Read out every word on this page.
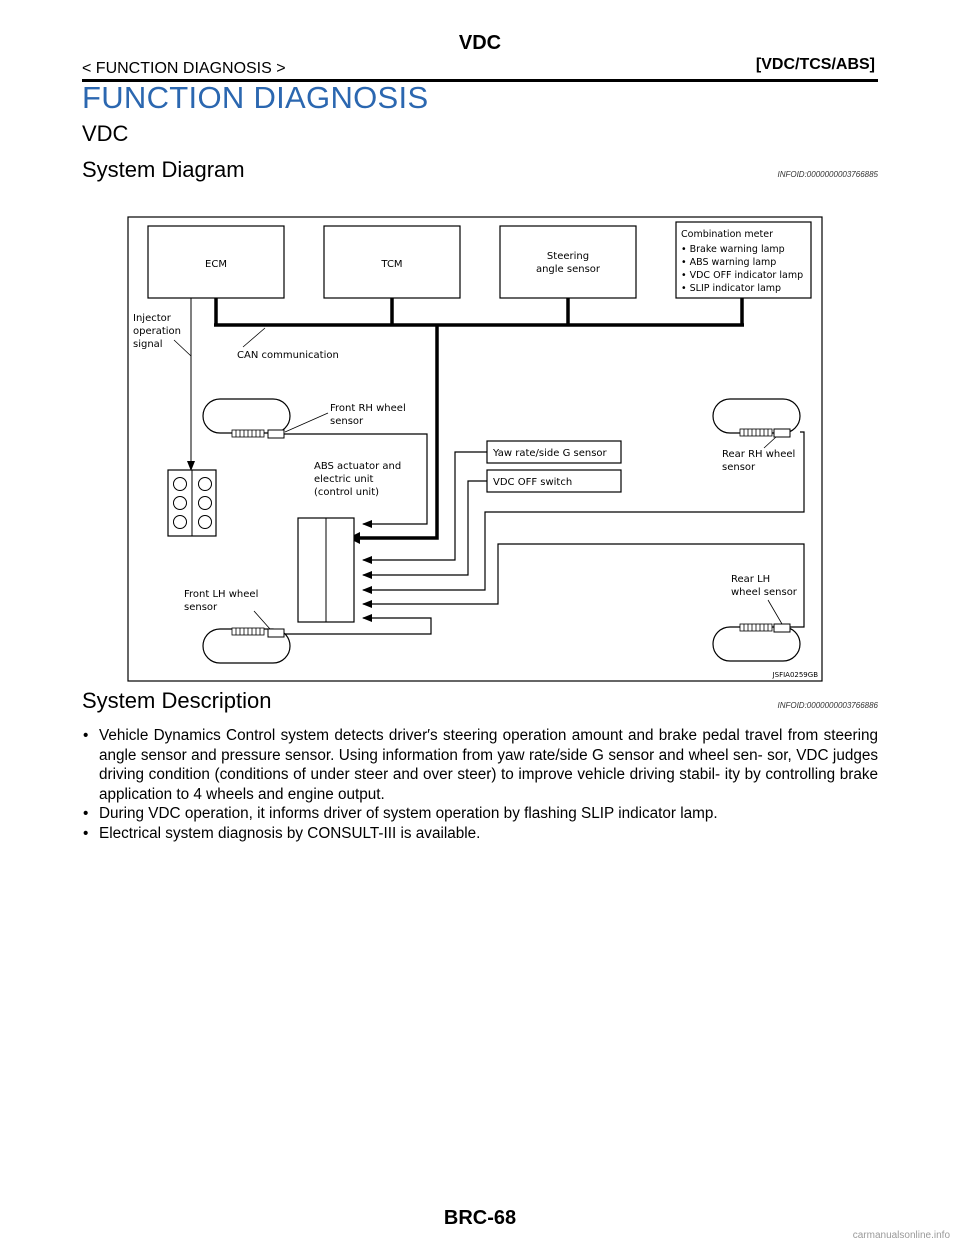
VDC
< FUNCTION DIAGNOSIS >	[VDC/TCS/ABS]
FUNCTION DIAGNOSIS
VDC
System Diagram	INFOID:0000000003766885
ECM	TCM
Steering
angle sensor
Combination meter
• Brake warning lamp
• ABS warning lamp
• VDC OFF indicator lamp
• SLIP indicator lamp
Injector
operation
signal
CAN communication
Front RH wheel
sensor
ABS actuator and
electric unit
(control unit)
Yaw rate/side G sensor
VDC OFF switch
Rear RH wheel
sensor
Front LH wheel
sensor
Rear LH
wheel sensor
JSFIA0259GB
System Description	INFOID:0000000003766886
• Vehicle Dynamics Control system detects driver′s steering operation amount and brake pedal travel from steering angle sensor and pressure sensor. Using information from yaw rate/side G sensor and wheel sen- sor, VDC judges driving condition (conditions of under steer and over steer) to improve vehicle driving stabil- ity by controlling brake application to 4 wheels and engine output.
• During VDC operation, it informs driver of system operation by flashing SLIP indicator lamp.
• Electrical system diagnosis by CONSULT-III is available.
BRC-68
carmanualsonline.info
